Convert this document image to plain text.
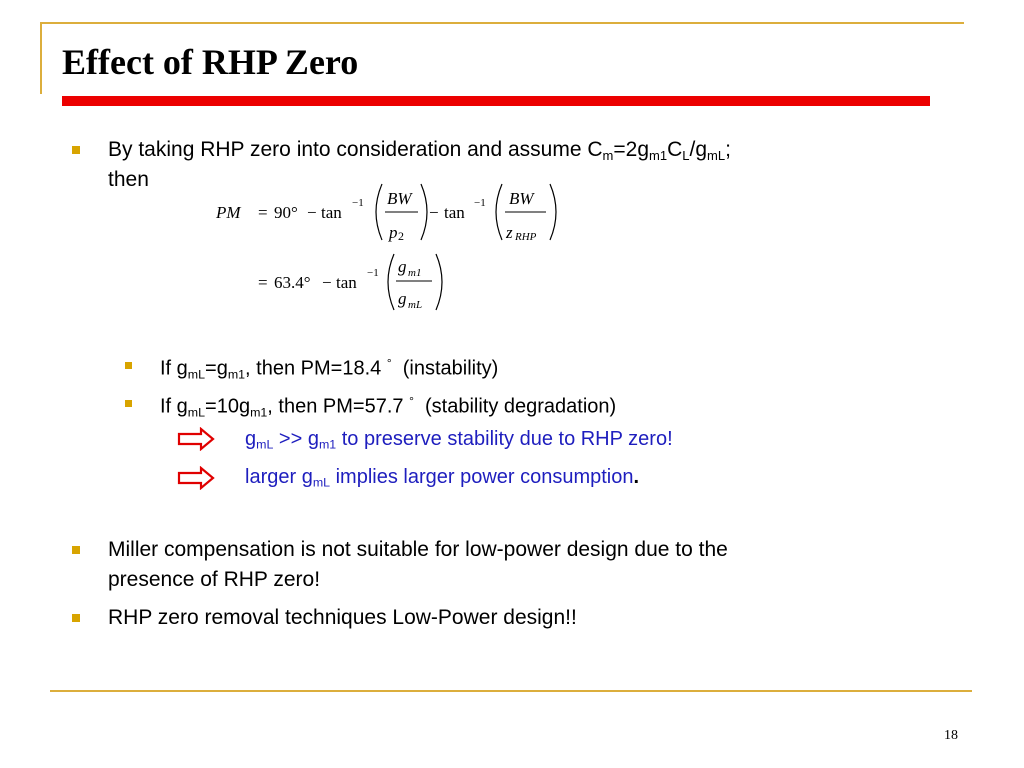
Effect of RHP Zero
By taking RHP zero into consideration and assume $C_m=2g_{m1}C_L/g_{mL}$;
then
PM = 90° − tan −1 BW
p 2
− tan −1 BW
z RHP
= 63.4° − tan −1 g m1
g mL
If $g_{mL}=g_{m1}$, then PM=18.4 °  (instability)
If $g_{mL}=10g_{m1}$, then PM=57.7 °  (stability degradation)
$g_{mL} >> g_{m1}$ to preserve stability due to RHP zero!
larger $g_{mL}$ implies larger power consumption.
Miller compensation is not suitable for low-power design due to the
presence of RHP zero!
RHP zero removal techniques Low-Power design!!
18
